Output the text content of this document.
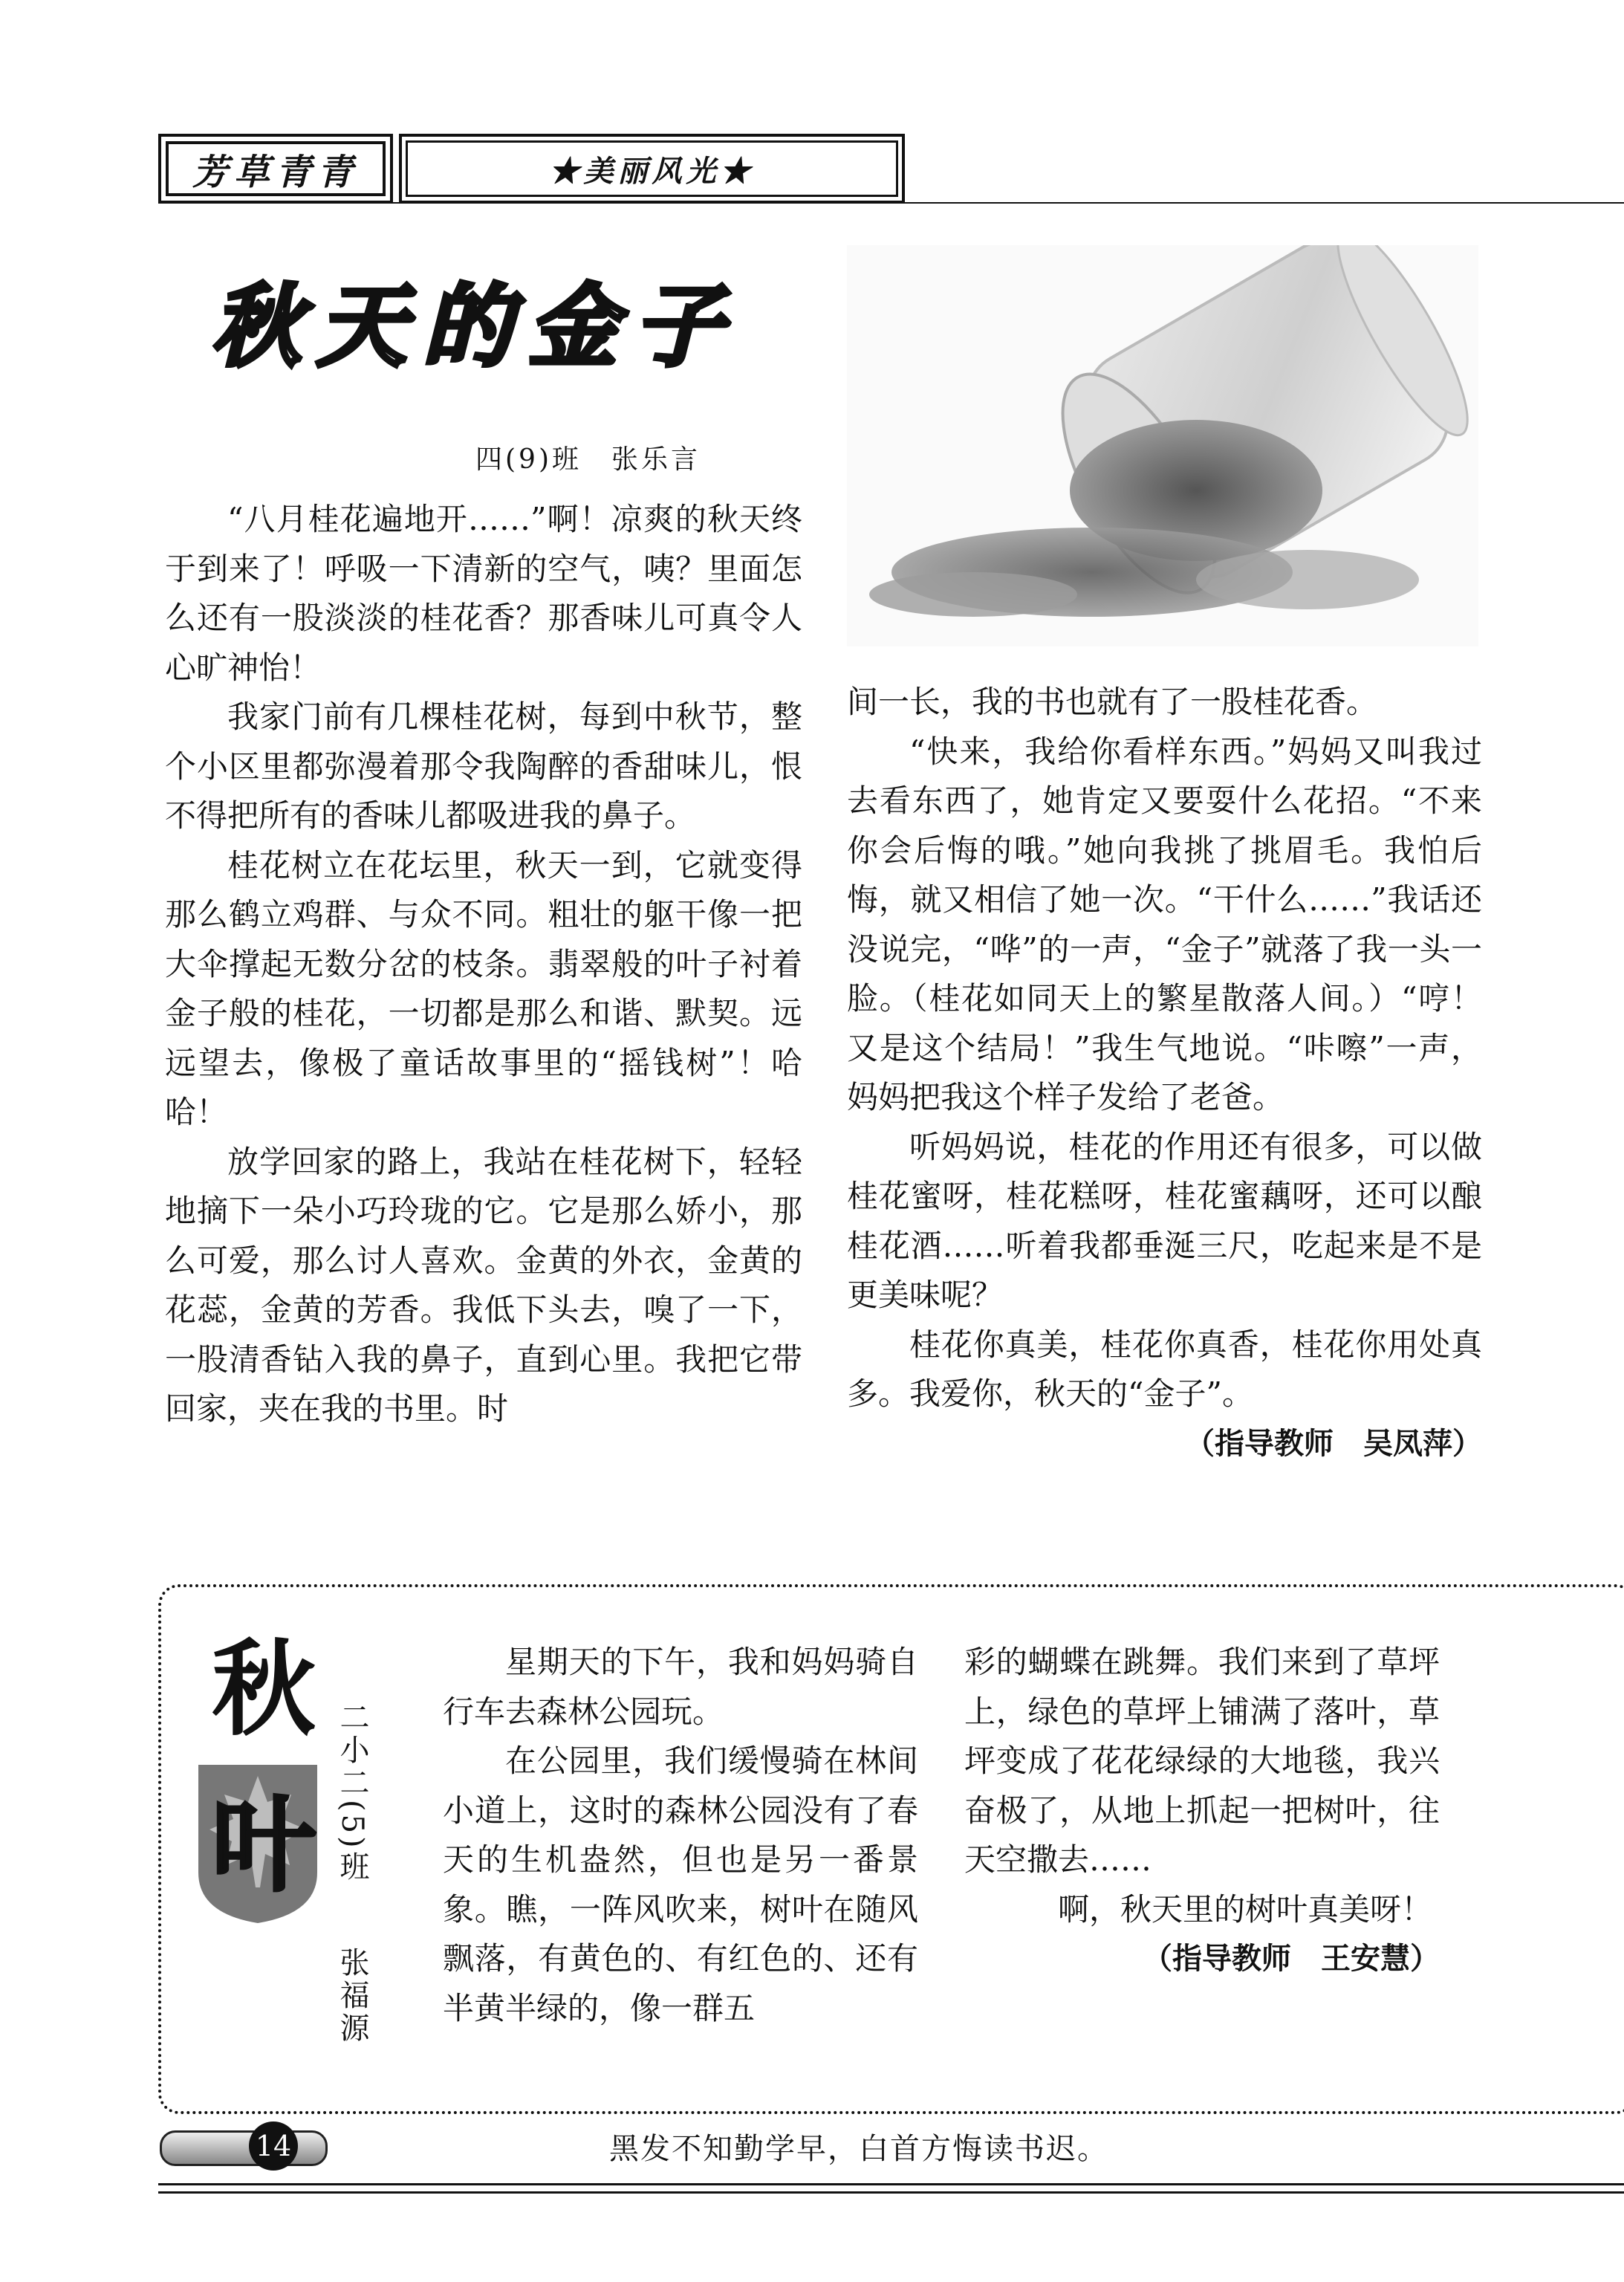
芳草青青	★美丽风光★
秋天的金子
四(9)班　张乐言

“八月桂花遍地开……”啊！凉爽的秋天终于到来了！呼吸一下清新的空气，咦？里面怎么还有一股淡淡的桂花香？那香味儿可真令人心旷神怡！

我家门前有几棵桂花树，每到中秋节，整个小区里都弥漫着那令我陶醉的香甜味儿，恨不得把所有的香味儿都吸进我的鼻子。

桂花树立在花坛里，秋天一到，它就变得那么鹤立鸡群、与众不同。粗壮的躯干像一把大伞撑起无数分岔的枝条。翡翠般的叶子衬着金子般的桂花，一切都是那么和谐、默契。远远望去，像极了童话故事里的“摇钱树”！哈哈！

放学回家的路上，我站在桂花树下，轻轻地摘下一朵小巧玲珑的它。它是那么娇小，那么可爱，那么讨人喜欢。金黄的外衣，金黄的花蕊，金黄的芳香。我低下头去，嗅了一下，一股清香钻入我的鼻子，直到心里。我把它带回家，夹在我的书里。时

间一长，我的书也就有了一股桂花香。

“快来，我给你看样东西。”妈妈又叫我过去看东西了，她肯定又要耍什么花招。“不来你会后悔的哦。”她向我挑了挑眉毛。我怕后悔，就又相信了她一次。“干什么……”我话还没说完，“哗”的一声，“金子”就落了我一头一脸。（桂花如同天上的繁星散落人间。）“哼！又是这个结局！”我生气地说。“咔嚓”一声，妈妈把我这个样子发给了老爸。

听妈妈说，桂花的作用还有很多，可以做桂花蜜呀，桂花糕呀，桂花蜜藕呀，还可以酿桂花酒……听着我都垂涎三尺，吃起来是不是更美味呢？

桂花你真美，桂花你真香，桂花你用处真多。我爱你，秋天的“金子”。

（指导教师　吴凤萍）
秋
叶 二小二(5)班
张福源

星期天的下午，我和妈妈骑自行车去森林公园玩。

在公园里，我们缓慢骑在林间小道上，这时的森林公园没有了春天的生机盎然，但也是另一番景象。瞧，一阵风吹来，树叶在随风飘落，有黄色的、有红色的、还有半黄半绿的，像一群五

彩的蝴蝶在跳舞。我们来到了草坪上，绿色的草坪上铺满了落叶，草坪变成了花花绿绿的大地毯，我兴奋极了，从地上抓起一把树叶，往天空撒去……

啊，秋天里的树叶真美呀！

（指导教师　王安慧）
14	黑发不知勤学早，白首方悔读书迟。
